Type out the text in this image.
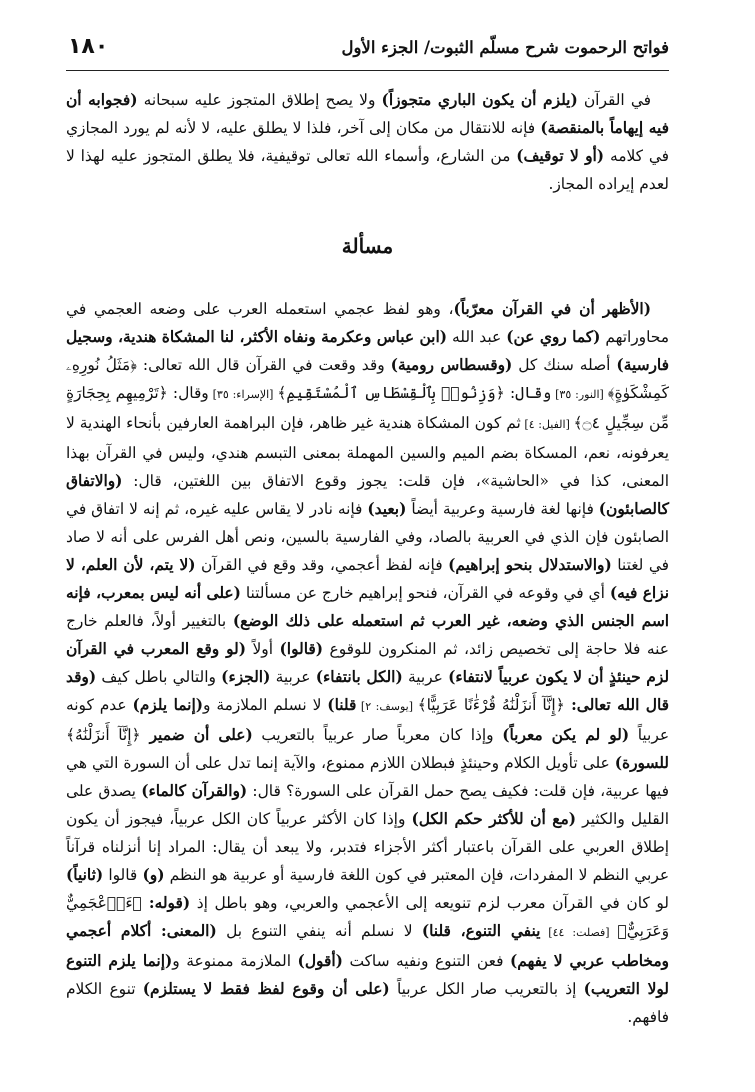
فواتح الرحموت شرح مسلّم الثبوت/ الجزء الأول
١٨٠

في القرآن (يلزم أن يكون الباري متجوزاً) ولا يصح إطلاق المتجوز عليه سبحانه (فجوابه أن فيه إيهاماً بالمنقصة) فإنه للانتقال من مكان إلى آخر، فلذا لا يطلق عليه، لا لأنه لم يورد المجازي في كلامه (أو لا توقيف) من الشارع، وأسماء الله تعالى توقيفية، فلا يطلق المتجوز عليه لهذا لا لعدم إيراده المجاز.

مسألة

(الأظهر أن في القرآن معرّباً)، وهو لفظ عجمي استعمله العرب على وضعه العجمي في محاوراتهم (كما روي عن) عبد الله (ابن عباس وعكرمة ونفاه الأكثر، لنا المشكاة هندية، وسجيل فارسية) أصله سنك كل (وقسطاس رومية) وقد وقعت في القرآن قال الله تعالى: ﴿مَثَلُ نُورِهِۦ كَمِشْكَوٰةٍ﴾ [النور: ٣٥] وقال: ﴿وَزِنُوا۟ بِٱلْقِسْطَاسِ ٱلْمُسْتَقِيمِ﴾ [الإسراء: ٣٥] وقال: ﴿تَرْمِيهِم بِحِجَارَةٍ مِّن سِجِّيلٍ ۝٤﴾ [الفيل: ٤] ثم كون المشكاة هندية غير ظاهر، فإن البراهمة العارفين بأنحاء الهندية لا يعرفونه، نعم، المسكاة بضم الميم والسين المهملة بمعنى التبسم هندي، وليس في القرآن بهذا المعنى، كذا في «الحاشية»، فإن قلت: يجوز وقوع الاتفاق بين اللغتين، قال: (والاتفاق كالصابئون) فإنها لغة فارسية وعربية أيضاً (بعيد) فإنه نادر لا يقاس عليه غيره، ثم إنه لا اتفاق في الصابئون فإن الذي في العربية بالصاد، وفي الفارسية بالسين، ونص أهل الفرس على أنه لا صاد في لغتنا (والاستدلال بنحو إبراهيم) فإنه لفظ أعجمي، وقد وقع في القرآن (لا يتم، لأن العلم، لا نزاع فيه) أي في وقوعه في القرآن، فنحو إبراهيم خارج عن مسألتنا (على أنه ليس بمعرب، فإنه اسم الجنس الذي وضعه، غير العرب ثم استعمله على ذلك الوضع) بالتغيير أولاً، فالعلم خارج عنه فلا حاجة إلى تخصيص زائد، ثم المنكرون للوقوع (قالوا) أولاً (لو وقع المعرب في القرآن لزم حينئذٍ أن لا يكون عربياً لانتفاء) عربية (الكل بانتفاء) عربية (الجزء) والتالي باطل كيف (وقد قال الله تعالى: ﴿إِنَّآ أَنزَلْنَٰهُ قُرْءَٰنًا عَرَبِيًّا﴾ [يوسف: ٢] قلنا) لا نسلم الملازمة و(إنما يلزم) عدم كونه عربياً (لو لم يكن معرباً) وإذا كان معرباً صار عربياً بالتعريب (على أن ضمير ﴿إِنَّآ أَنزَلْنَٰهُ﴾ للسورة) على تأويل الكلام وحينئذٍ فبطلان اللازم ممنوع، والآية إنما تدل على أن السورة التي هي فيها عربية، فإن قلت: فكيف يصح حمل القرآن على السورة؟ قال: (والقرآن كالماء) يصدق على القليل والكثير (مع أن للأكثر حكم الكل) وإذا كان الأكثر عربياً كان الكل عربياً، فيجوز أن يكون إطلاق العربي على القرآن باعتبار أكثر الأجزاء فتدبر، ولا يبعد أن يقال: المراد إنا أنزلناه قرآناً عربي النظم لا المفردات، فإن المعتبر في كون اللغة فارسية أو عربية هو النظم (و) قالوا (ثانياً) لو كان في القرآن معرب لزم تنويعه إلى الأعجمي والعربي، وهو باطل إذ (قوله: ﴿ءَا۬عْجَمِيٌّ وَعَرَبِيٌّ﴾ [فصلت: ٤٤] ينفي التنوع، قلنا) لا نسلم أنه ينفي التنوع بل (المعنى: أكلام أعجمي ومخاطب عربي لا يفهم) فعن التنوع ونفيه ساكت (أقول) الملازمة ممنوعة و(إنما يلزم التنوع لولا التعريب) إذ بالتعريب صار الكل عربياً (على أن وقوع لفظ فقط لا يستلزم) تنوع الكلام فافهم.
